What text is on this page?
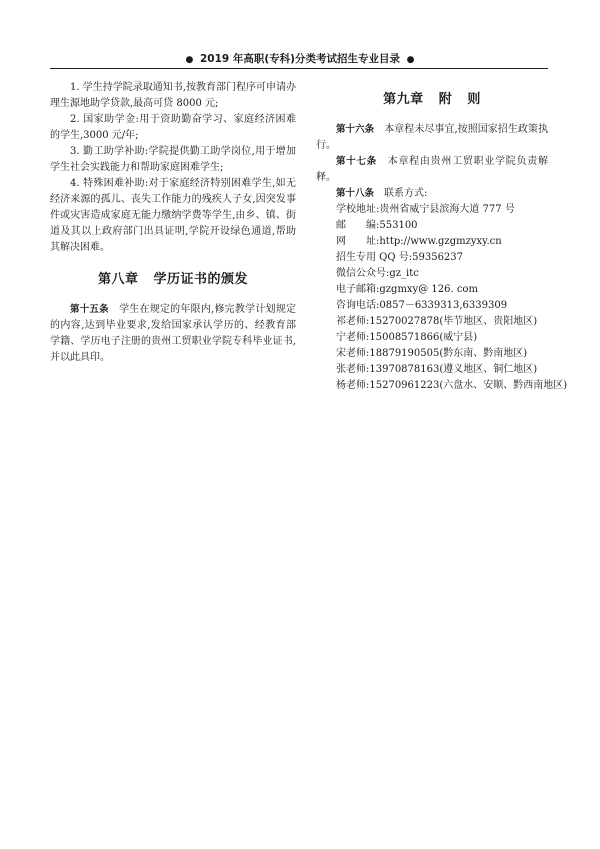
● 2019 年高职(专科)分类考试招生专业目录 ●

1. 学生持学院录取通知书,按教育部门程序可申请办理生源地助学贷款,最高可贷 8000 元;

2. 国家助学金:用于资助勤奋学习、家庭经济困难的学生,3000 元/年;

3. 勤工助学补助:学院提供勤工助学岗位,用于增加学生社会实践能力和帮助家庭困难学生;

4. 特殊困难补助:对于家庭经济特别困难学生,如无经济来源的孤儿、丧失工作能力的残疾人子女,因突发事件或灾害造成家庭无能力缴纳学费等学生,由乡、镇、街道及其以上政府部门出具证明,学院开设绿色通道,帮助其解决困难。

第八章   学历证书的颁发

第十五条　 学生在规定的年限内,修完教学计划规定的内容,达到毕业要求,发给国家承认学历的、经教育部学籍、学历电子注册的贵州工贸职业学院专科毕业证书,并以此具印。

第九章   附   则

第十六条　 本章程未尽事宜,按照国家招生政策执行。

第十七条　 本章程由贵州工贸职业学院负责解释。

第十八条　 联系方式:

学校地址:贵州省威宁县滨海大道 777 号

邮　　编:553100

网　　址:http://www.gzgmzyxy.cn

招生专用 QQ 号:59356237

微信公众号:gz_itc

电子邮箱:gzgmxy@ 126. com

咨询电话:0857－6339313,6339309

祁老师:15270027878(毕节地区、贵阳地区)

宁老师:15008571866(威宁县)

宋老师:18879190505(黔东南、黔南地区)

张老师:13970878163(遵义地区、铜仁地区)

杨老师:15270961223(六盘水、安顺、黔西南地区)
